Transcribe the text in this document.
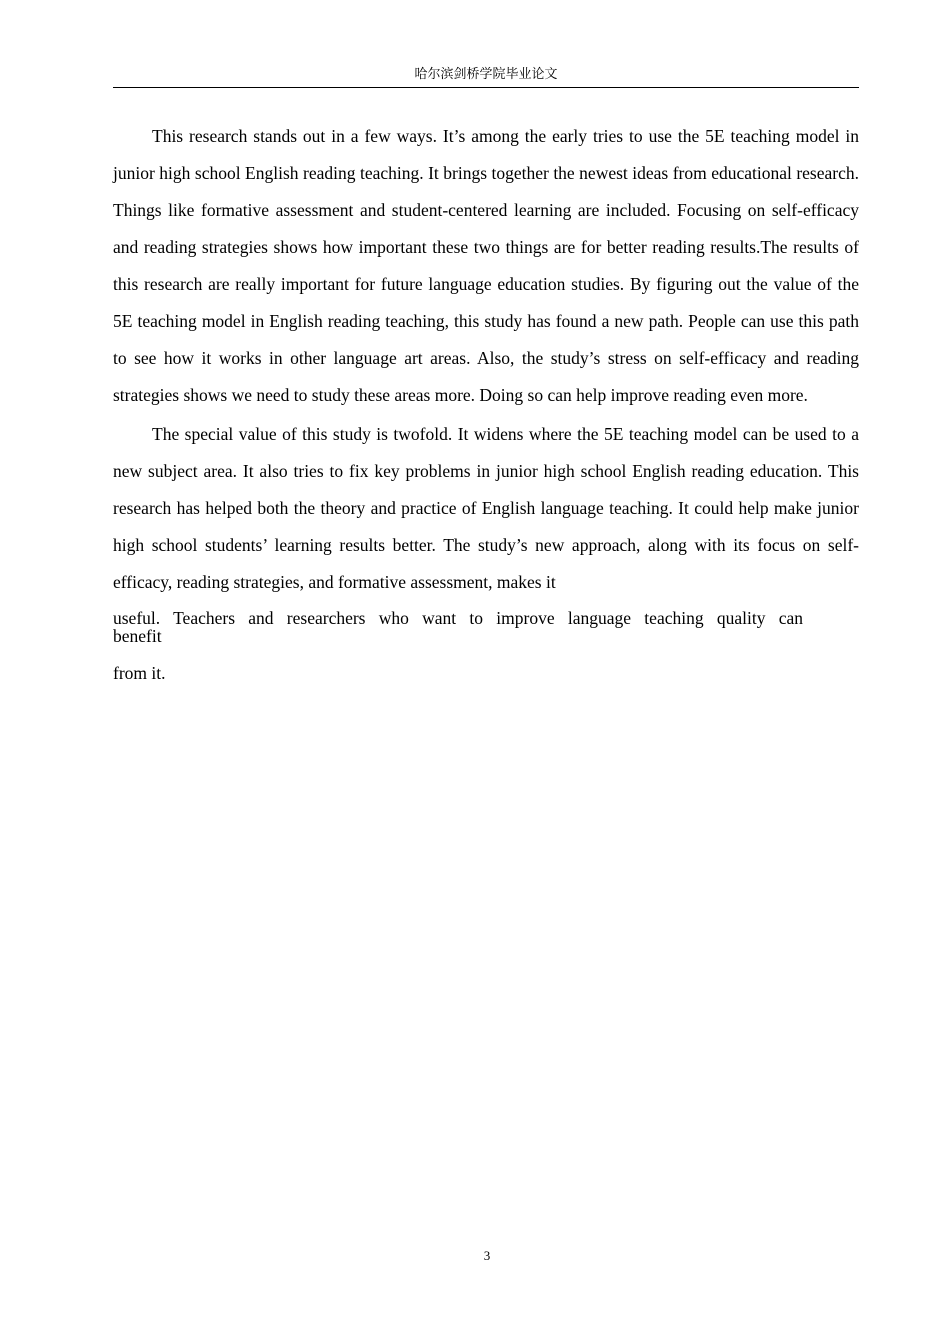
哈尔滨剑桥学院毕业论文

This research stands out in a few ways. It’s among the early tries to use the 5E teaching model in junior high school English reading teaching. It brings together the newest ideas from educational research. Things like formative assessment and student-centered learning are included. Focusing on self-efficacy and reading strategies shows how important these two things are for better reading results.The results of this research are really important for future language education studies. By figuring out the value of the 5E teaching model in English reading teaching, this study has found a new path. People can use this path to see how it works in other language art areas. Also, the study’s stress on self-efficacy and reading strategies shows we need to study these areas more. Doing so can help improve reading even more.

The special value of this study is twofold. It widens where the 5E teaching model can be used to a new subject area. It also tries to fix key problems in junior high school English reading education. This research has helped both the theory and practice of English language teaching. It could help make junior high school students’ learning results better. The study’s new approach, along with its focus on self-efficacy, reading strategies, and formative assessment, makes it

useful. Teachers and researchers who want to improve language teaching quality can benefit

from it.

3
